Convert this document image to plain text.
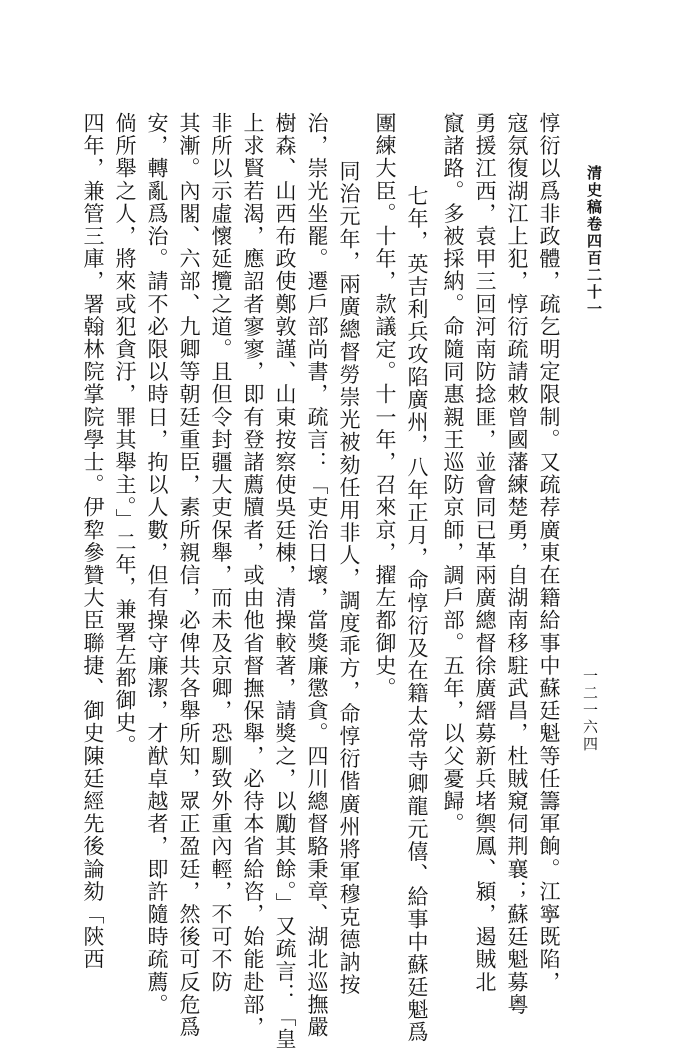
清史稿卷四百二十一
一二一六四
惇衍以爲非政體，疏乞明定限制。又疏荐廣東在籍給事中蘇廷魁等任籌軍餉。江寧既陷，
寇氛復湖江上犯，惇衍疏請敕曾國藩練楚勇，自湖南移駐武昌，杜賊窺伺荆襄；蘇廷魁募粵
勇援江西，袁甲三回河南防捻匪，並會同已革兩廣總督徐廣縉募新兵堵禦鳳、潁，遏賊北
竄諸路。多被採納。命隨同惠親王巡防京師，調戶部。五年，以父憂歸。
七年，英吉利兵攻陷廣州，八年正月，命惇衍及在籍太常寺卿龍元僖、給事中蘇廷魁爲
團練大臣。十年，款議定。十一年，召來京，擢左都御史。
同治元年，兩廣總督勞崇光被劾任用非人，調度乖方，命惇衍偕廣州將軍穆克德訥按
治，崇光坐罷。遷戶部尚書，疏言：「吏治日壞，當獎廉懲貪。四川總督駱秉章、湖北巡撫嚴
樹森、山西布政使鄭敦謹、山東按察使吳廷棟，清操較著，請獎之，以勵其餘。」又疏言：「皇
上求賢若渴，應詔者寥寥，即有登諸薦牘者，或由他省督撫保舉，必待本省給咨，始能赴部，
非所以示虛懷延攬之道。且但令封疆大吏保舉，而未及京卿，恐馴致外重內輕，不可不防
其漸。內閣、六部、九卿等朝廷重臣，素所親信，必俾共各舉所知，眾正盈廷，然後可反危爲
安，轉亂爲治。請不必限以時日，拘以人數，但有操守廉潔，才猷卓越者，即許隨時疏薦。
倘所舉之人，將來或犯貪汙，罪其舉主。」二年，兼署左都御史。
四年，兼管三庫，署翰林院掌院學士。伊犂參贊大臣聯捷、御史陳廷經先後論劾「陝西
